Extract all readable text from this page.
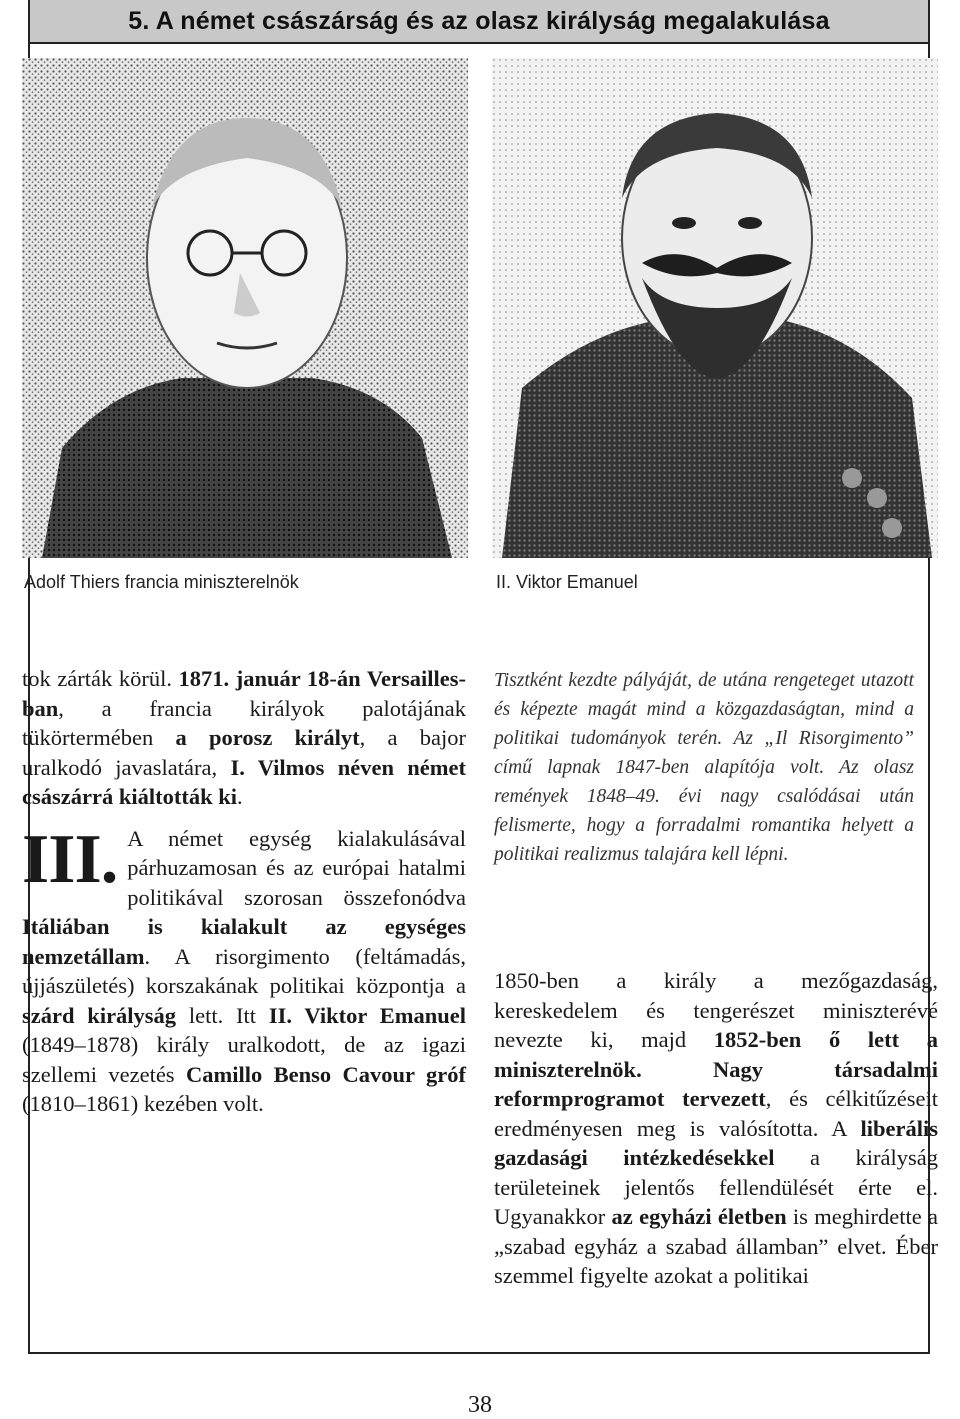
5. A német császárság és az olasz királyság megalakulása
Adolf Thiers francia miniszterelnök	II. Viktor Emanuel

tok zárták körül. 1871. január 18-án Versailles-ban, a francia királyok palotájának tükörtermében a porosz királyt, a bajor uralkodó javaslatára, I. Vilmos néven német császárrá kiáltották ki.

III. A német egység kialakulásával párhuzamosan és az európai hatalmi politikával szorosan összefonódva Itáliában is kialakult az egységes nemzetállam. A risorgimento (feltámadás, újjászületés) korszakának politikai központja a szárd királyság lett. Itt II. Viktor Emanuel (1849–1878) király uralkodott, de az igazi szellemi vezetés Camillo Benso Cavour gróf (1810–1861) kezében volt.

Tisztként kezdte pályáját, de utána rengeteget utazott és képezte magát mind a közgazdaságtan, mind a politikai tudományok terén. Az „Il Risorgimento” című lapnak 1847-ben alapítója volt. Az olasz remények 1848–49. évi nagy csalódásai után felismerte, hogy a forradalmi romantika helyett a politikai realizmus talajára kell lépni.

1850-ben a király a mezőgazdaság, kereskedelem és tengerészet miniszterévé nevezte ki, majd 1852-ben ő lett a miniszterelnök. Nagy társadalmi reformprogramot tervezett, és célkitűzéseit eredményesen meg is valósította. A liberális gazdasági intézkedésekkel a királyság területeinek jelentős fellendülését érte el. Ugyanakkor az egyházi életben is meghirdette a „szabad egyház a szabad államban” elvet. Éber szemmel figyelte azokat a politikai

38
